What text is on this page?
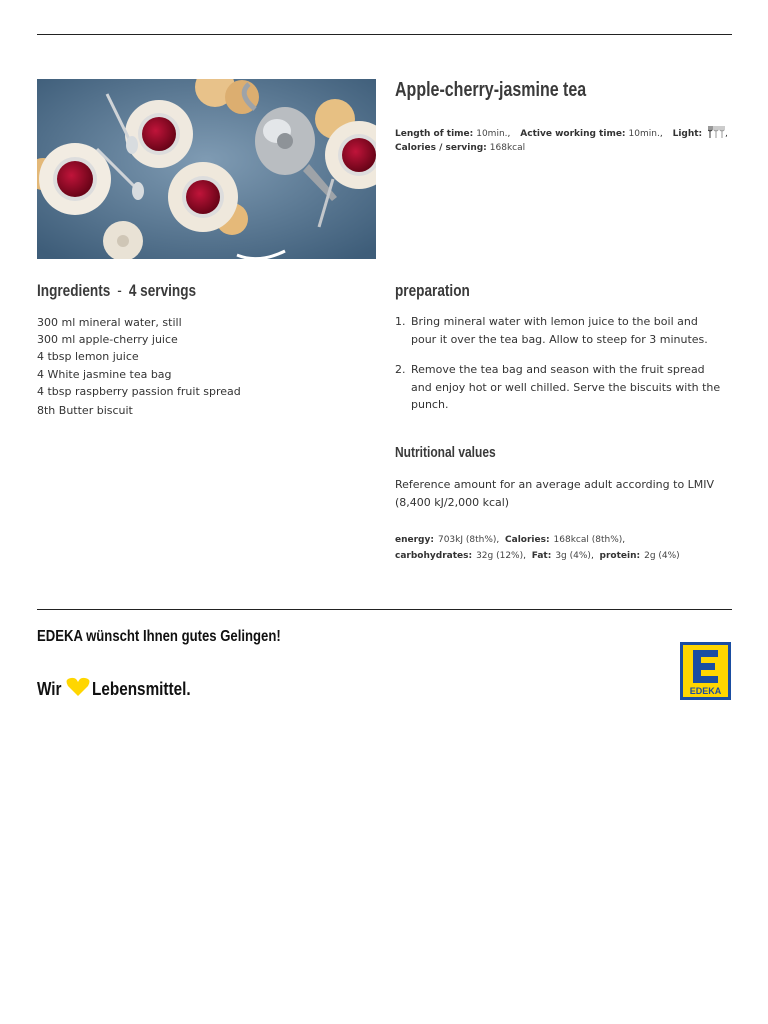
Apple-cherry-jasmine tea
Length of time: 10min., Active working time: 10min., Light:	,
Calories / serving: 168kcal
Ingredients - 4 servings
300 ml mineral water, still
300 ml apple-cherry juice
4 tbsp lemon juice
4 White jasmine tea bag
4 tbsp raspberry passion fruit spread
8th Butter biscuit
preparation
1. Bring mineral water with lemon juice to the boil and pour it over the tea bag. Allow to steep for 3 minutes.
2. Remove the tea bag and season with the fruit spread and enjoy hot or well chilled. Serve the biscuits with the punch.
Nutritional values
Reference amount for an average adult according to LMIV (8,400 kJ/2,000 kcal)
energy: 703kJ (8th%),  Calories: 168kcal (8th%),
carbohydrates: 32g (12%),  Fat: 3g (4%),  protein: 2g (4%)
EDEKA wünscht Ihnen gutes Gelingen!
Wir Lebensmittel.	EDEKA
